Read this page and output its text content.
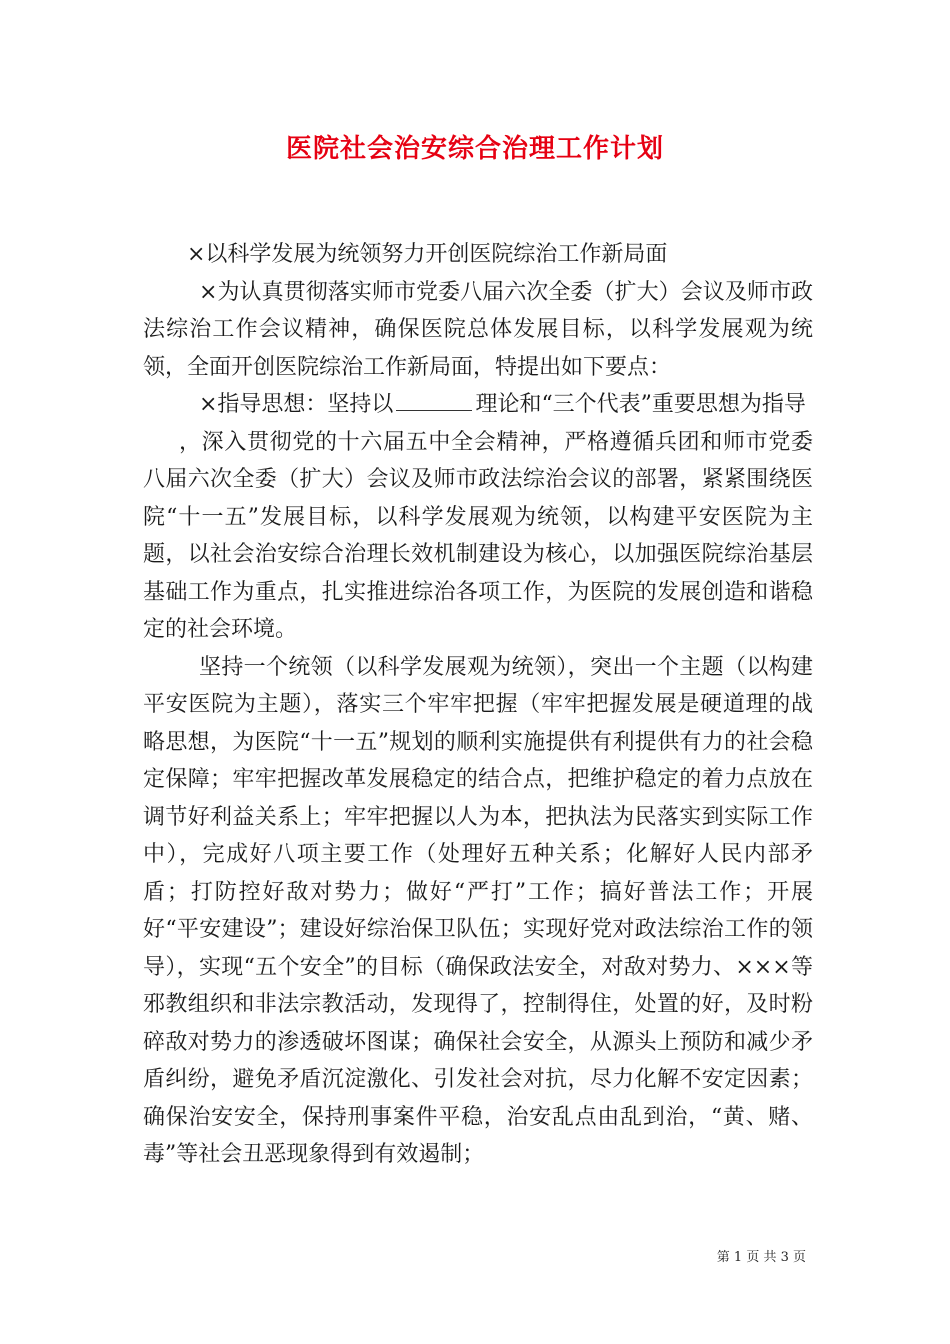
医院社会治安综合治理工作计划

×以科学发展为统领努力开创医院综治工作新局面

×为认真贯彻落实师市党委八届六次全委（扩大）会议及师市政法综治工作会议精神，确保医院总体发展目标，以科学发展观为统领，全面开创医院综治工作新局面，特提出如下要点：

×指导思想：坚持以	理论和“三个代表”重要思想为指导

，深入贯彻党的十六届五中全会精神，严格遵循兵团和师市党委八届六次全委（扩大）会议及师市政法综治会议的部署，紧紧围绕医院“十一五”发展目标，以科学发展观为统领，以构建平安医院为主题，以社会治安综合治理长效机制建设为核心，以加强医院综治基层基础工作为重点，扎实推进综治各项工作，为医院的发展创造和谐稳定的社会环境。

坚持一个统领（以科学发展观为统领），突出一个主题（以构建平安医院为主题），落实三个牢牢把握（牢牢把握发展是硬道理的战略思想，为医院“十一五”规划的顺利实施提供有利提供有力的社会稳定保障；牢牢把握改革发展稳定的结合点，把维护稳定的着力点放在调节好利益关系上；牢牢把握以人为本，把执法为民落实到实际工作中），完成好八项主要工作（处理好五种关系；化解好人民内部矛盾；打防控好敌对势力；做好“严打”工作；搞好普法工作；开展好“平安建设”；建设好综治保卫队伍；实现好党对政法综治工作的领导），实现“五个安全”的目标（确保政法安全，对敌对势力、×××等邪教组织和非法宗教活动，发现得了，控制得住，处置的好，及时粉碎敌对势力的渗透破坏图谋；确保社会安全，从源头上预防和减少矛盾纠纷，避免矛盾沉淀激化、引发社会对抗，尽力化解不安定因素；确保治安安全，保持刑事案件平稳，治安乱点由乱到治，“黄、赌、毒”等社会丑恶现象得到有效遏制；

第 1 页 共 3 页
